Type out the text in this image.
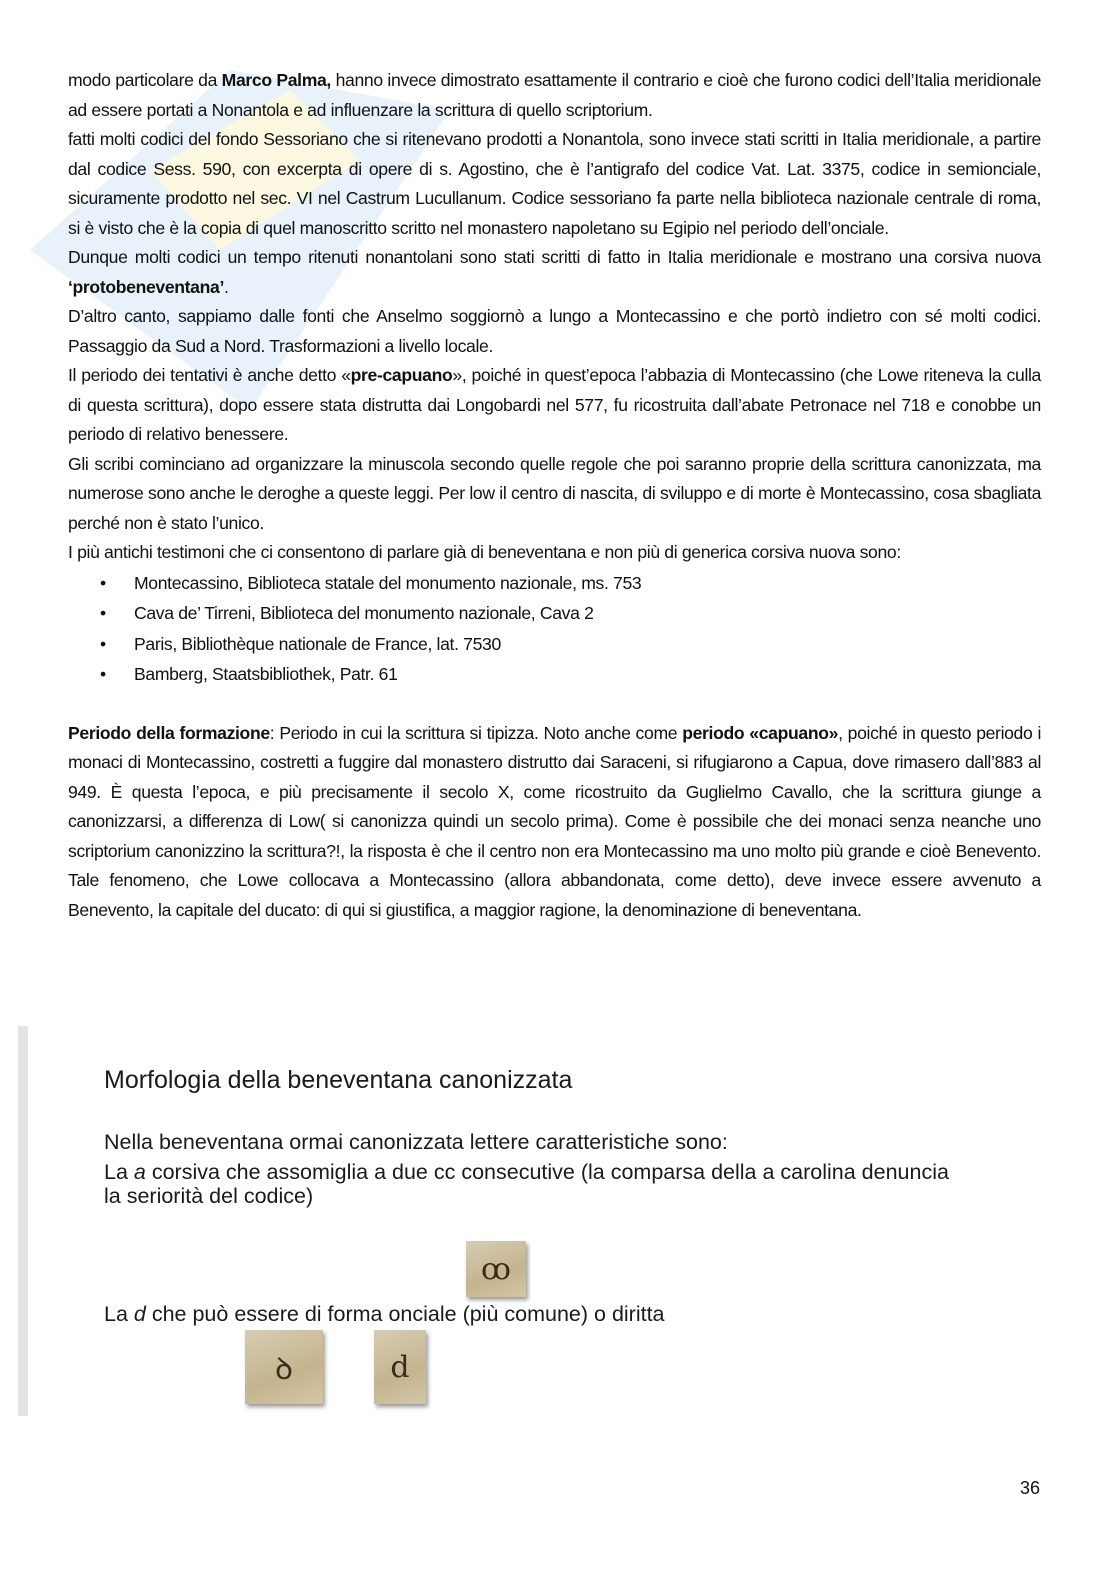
modo particolare da Marco Palma, hanno invece dimostrato esattamente il contrario e cioè che furono codici dell’Italia meridionale ad essere portati a Nonantola e ad influenzare la scrittura di quello scriptorium.

fatti molti codici del fondo Sessoriano che si ritenevano prodotti a Nonantola, sono invece stati scritti in Italia meridionale, a partire dal codice Sess. 590, con excerpta di opere di s. Agostino, che è l’antigrafo del codice Vat. Lat. 3375, codice in semionciale, sicuramente prodotto nel sec. VI nel Castrum Lucullanum. Codice sessoriano fa parte nella biblioteca nazionale centrale di roma, si è visto che è la copia di quel manoscritto scritto nel monastero napoletano su Egipio nel periodo dell’onciale.

Dunque molti codici un tempo ritenuti nonantolani sono stati scritti di fatto in Italia meridionale e mostrano una corsiva nuova ‘protobeneventana’.

D’altro canto, sappiamo dalle fonti che Anselmo soggiornò a lungo a Montecassino e che portò indietro con sé molti codici. Passaggio da Sud a Nord. Trasformazioni a livello locale.

Il periodo dei tentativi è anche detto «pre-capuano», poiché in quest’epoca l’abbazia di Montecassino (che Lowe riteneva la culla di questa scrittura), dopo essere stata distrutta dai Longobardi nel 577, fu ricostruita dall’abate Petronace nel 718 e conobbe un periodo di relativo benessere.

Gli scribi cominciano ad organizzare la minuscola secondo quelle regole che poi saranno proprie della scrittura canonizzata, ma numerose sono anche le deroghe a queste leggi. Per low il centro di nascita, di sviluppo e di morte è Montecassino, cosa sbagliata perché non è stato l’unico.

I più antichi testimoni che ci consentono di parlare già di beneventana e non più di generica corsiva nuova sono:

• Montecassino, Biblioteca statale del monumento nazionale, ms. 753
• Cava de’ Tirreni, Biblioteca del monumento nazionale, Cava 2
• Paris, Bibliothèque nationale de France, lat. 7530
• Bamberg, Staatsbibliothek, Patr. 61

Periodo della formazione: Periodo in cui la scrittura si tipizza. Noto anche come periodo «capuano», poiché in questo periodo i monaci di Montecassino, costretti a fuggire dal monastero distrutto dai Saraceni, si rifugiarono a Capua, dove rimasero dall’883 al 949. È questa l’epoca, e più precisamente il secolo X, come ricostruito da Guglielmo Cavallo, che la scrittura giunge a canonizzarsi, a differenza di Low( si canonizza quindi un secolo prima). Come è possibile che dei monaci senza neanche uno scriptorium canonizzino la scrittura?!, la risposta è che il centro non era Montecassino ma uno molto più grande e cioè Benevento. Tale fenomeno, che Lowe collocava a Montecassino (allora abbandonata, come detto), deve invece essere avvenuto a Benevento, la capitale del ducato: di qui si giustifica, a maggior ragione, la denominazione di beneventana.

Morfologia della beneventana canonizzata

Nella beneventana ormai canonizzata lettere caratteristiche sono:

La a corsiva che assomiglia a due cc consecutive (la comparsa della a carolina denuncia la seriorità del codice)

ꝏ

La d che può essere di forma onciale (più comune) o diritta

ꝺ	d
36
